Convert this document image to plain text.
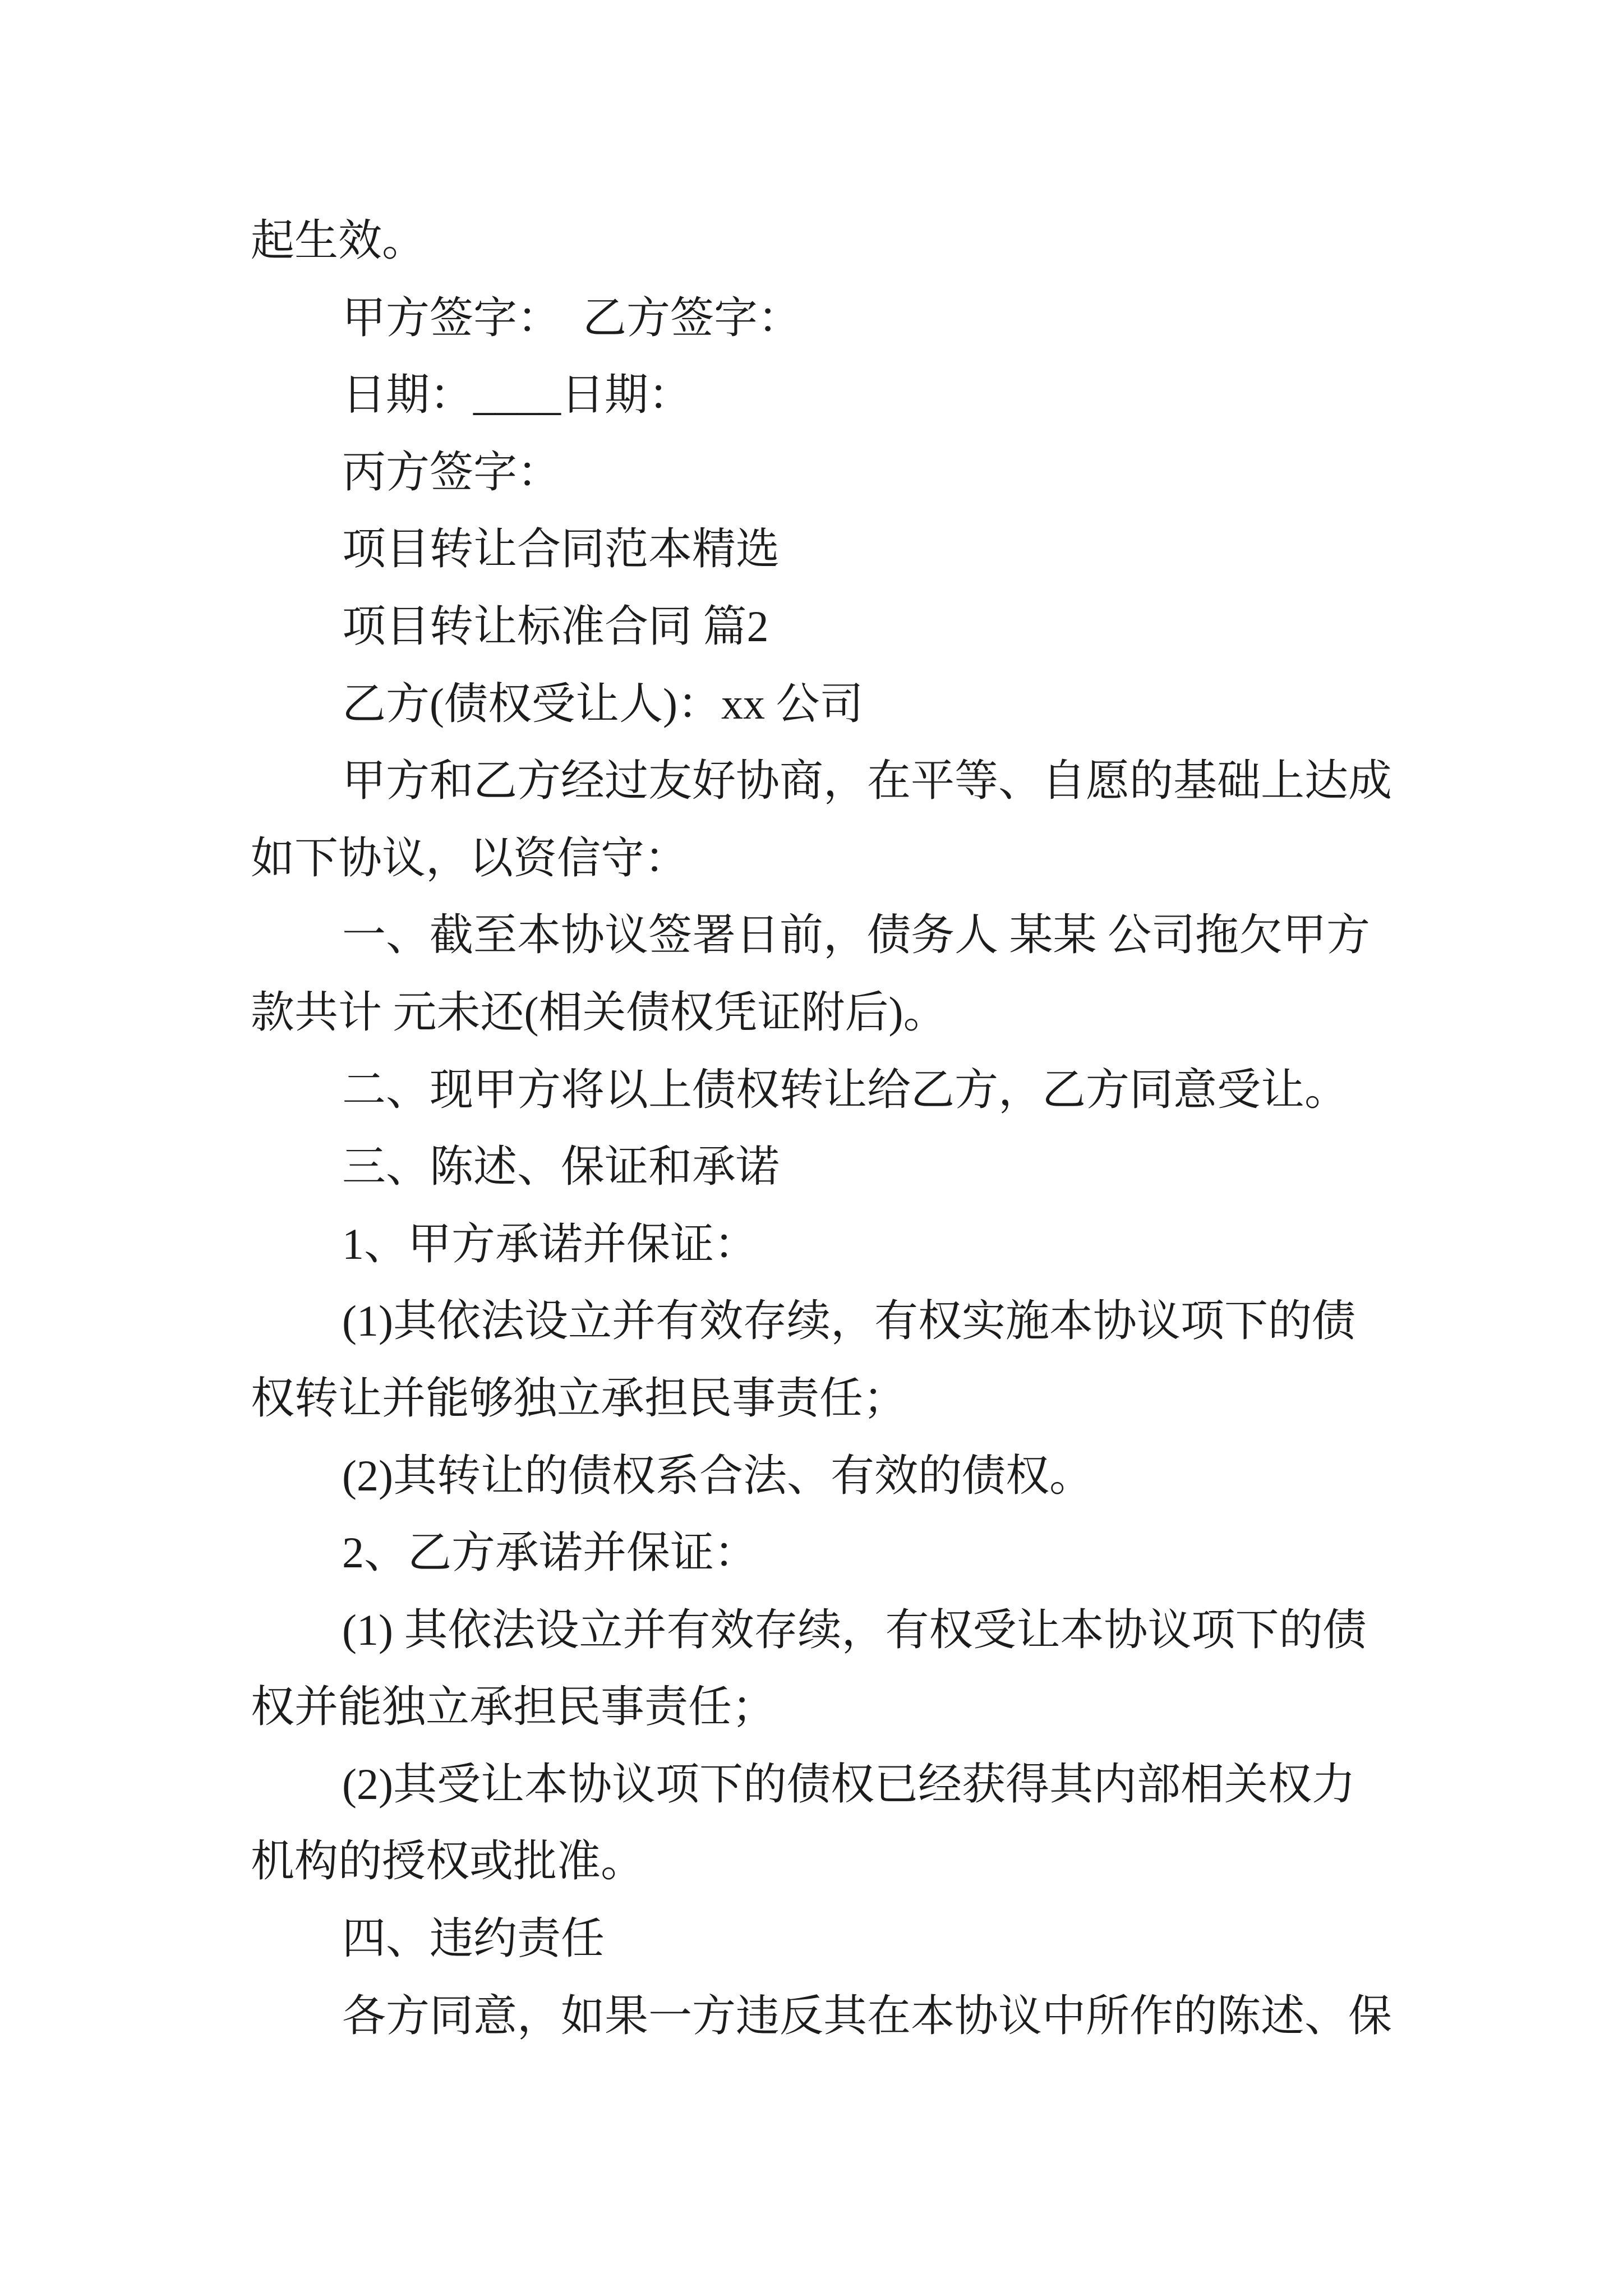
起生效。
甲方签字：  乙方签字：
日期：____日期：
丙方签字：
项目转让合同范本精选
项目转让标准合同 篇2
乙方(债权受让人)：xx 公司
甲方和乙方经过友好协商，在平等、自愿的基础上达成
如下协议，以资信守：
一、截至本协议签署日前，债务人 某某 公司拖欠甲方
款共计 元未还(相关债权凭证附后)。
二、现甲方将以上债权转让给乙方，乙方同意受让。
三、陈述、保证和承诺
1、甲方承诺并保证：
(1)其依法设立并有效存续，有权实施本协议项下的债
权转让并能够独立承担民事责任；
(2)其转让的债权系合法、有效的债权。
2、乙方承诺并保证：
(1) 其依法设立并有效存续，有权受让本协议项下的债
权并能独立承担民事责任；
(2)其受让本协议项下的债权已经获得其内部相关权力
机构的授权或批准。
四、违约责任
各方同意，如果一方违反其在本协议中所作的陈述、保
